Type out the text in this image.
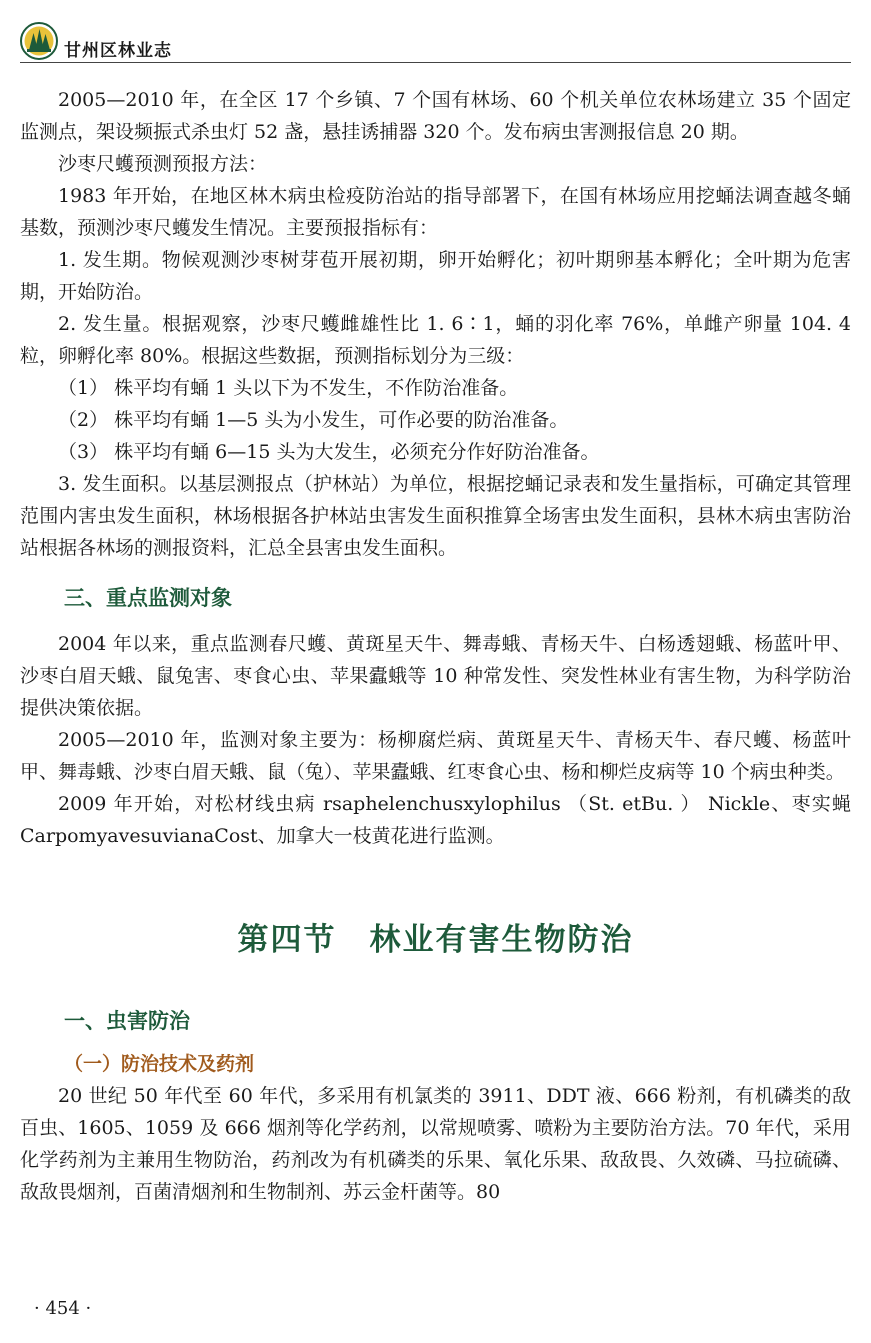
甘州区林业志

2005—2010 年，在全区 17 个乡镇、7 个国有林场、60 个机关单位农林场建立 35 个固定监测点，架设频振式杀虫灯 52 盏，悬挂诱捕器 320 个。发布病虫害测报信息 20 期。

沙枣尺蠖预测预报方法：

1983 年开始，在地区林木病虫检疫防治站的指导部署下，在国有林场应用挖蛹法调查越冬蛹基数，预测沙枣尺蠖发生情况。主要预报指标有：

1. 发生期。物候观测沙枣树芽苞开展初期，卵开始孵化；初叶期卵基本孵化；全叶期为危害期，开始防治。

2. 发生量。根据观察，沙枣尺蠖雌雄性比 1. 6∶1，蛹的羽化率 76%，单雌产卵量 104. 4 粒，卵孵化率 80%。根据这些数据，预测指标划分为三级：

（1） 株平均有蛹 1 头以下为不发生，不作防治准备。

（2） 株平均有蛹 1—5 头为小发生，可作必要的防治准备。

（3） 株平均有蛹 6—15 头为大发生，必须充分作好防治准备。

3. 发生面积。以基层测报点（护林站）为单位，根据挖蛹记录表和发生量指标，可确定其管理范围内害虫发生面积，林场根据各护林站虫害发生面积推算全场害虫发生面积，县林木病虫害防治站根据各林场的测报资料，汇总全县害虫发生面积。

三、重点监测对象

2004 年以来，重点监测春尺蠖、黄斑星天牛、舞毒蛾、青杨天牛、白杨透翅蛾、杨蓝叶甲、沙枣白眉天蛾、鼠兔害、枣食心虫、苹果蠹蛾等 10 种常发性、突发性林业有害生物，为科学防治提供决策依据。

2005—2010 年，监测对象主要为：杨柳腐烂病、黄斑星天牛、青杨天牛、春尺蠖、杨蓝叶甲、舞毒蛾、沙枣白眉天蛾、鼠（兔）、苹果蠹蛾、红枣食心虫、杨和柳烂皮病等 10 个病虫种类。

2009 年开始，对松材线虫病 rsaphelenchusxylophilus （St. etBu. ） Nickle、枣实蝇 CarpomyavesuvianaCost、加拿大一枝黄花进行监测。

第四节　林业有害生物防治
一、虫害防治
（一）防治技术及药剂

20 世纪 50 年代至 60 年代，多采用有机氯类的 3911、DDT 液、666 粉剂，有机磷类的敌百虫、1605、1059 及 666 烟剂等化学药剂，以常规喷雾、喷粉为主要防治方法。70 年代，采用化学药剂为主兼用生物防治，药剂改为有机磷类的乐果、氧化乐果、敌敌畏、久效磷、马拉硫磷、敌敌畏烟剂，百菌清烟剂和生物制剂、苏云金杆菌等。80

· 454 ·
